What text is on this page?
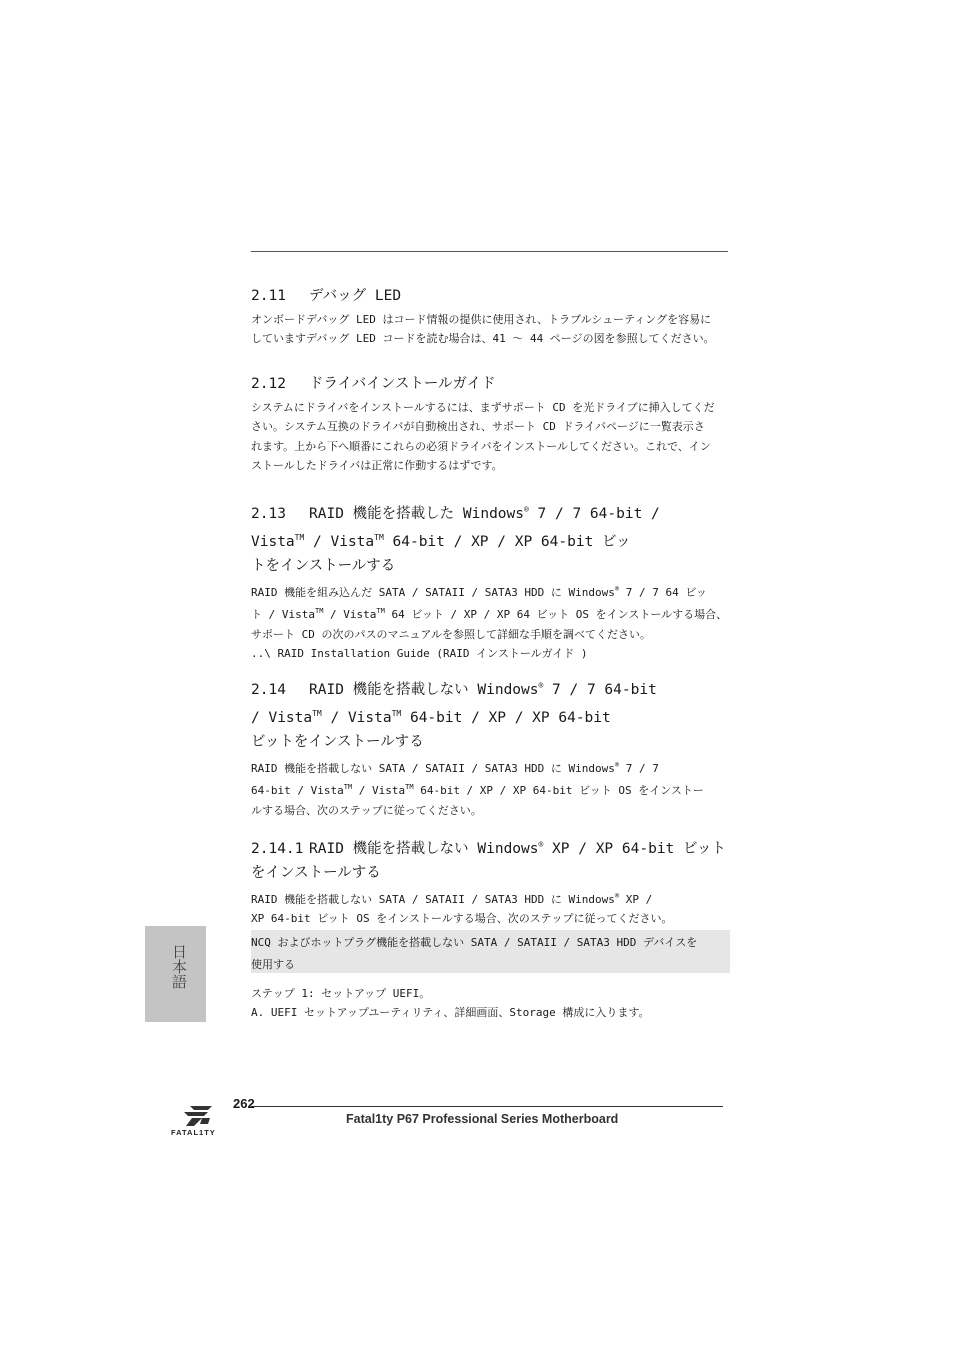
2.11 デバッグ LED

オンボードデバッグ LED はコード情報の提供に使用され、トラブルシューティングを容易に

していますデバッグ LED コードを読む場合は、41 ～ 44 ページの図を参照してください。

2.12 ドライバインストールガイド

システムにドライバをインストールするには、まずサポート CD を光ドライブに挿入してくだ

さい。システム互換のドライバが自動検出され、サポート CD ドライバページに一覧表示さ

れます。上から下へ順番にこれらの必須ドライバをインストールしてください。これで、イン

ストールしたドライバは正常に作動するはずです。

2.13 RAID 機能を搭載した Windows® 7 / 7 64-bit /
Vista™ / Vista™ 64-bit / XP / XP 64-bit ビッ
トをインストールする

RAID 機能を組み込んだ SATA / SATAII / SATA3 HDD に Windows® 7 / 7 64 ビッ

ト / Vista™ / Vista™ 64 ビット / XP / XP 64 ビット OS をインストールする場合、

サポート CD の次のパスのマニュアルを参照して詳細な手順を調べてください。

..\ RAID Installation Guide (RAID インストールガイド )

2.14 RAID 機能を搭載しない Windows® 7 / 7 64-bit
/ Vista™ / Vista™ 64-bit / XP / XP 64-bit
ビットをインストールする

RAID 機能を搭載しない SATA / SATAII / SATA3 HDD に Windows® 7 / 7

64-bit / Vista™ / Vista™ 64-bit / XP / XP 64-bit ビット OS をインストー

ルする場合、次のステップに従ってください。

2.14.1 RAID 機能を搭載しない Windows® XP / XP 64-bit ビット
をインストールする

RAID 機能を搭載しない SATA / SATAII / SATA3 HDD に Windows® XP /

XP 64-bit ビット OS をインストールする場合、次のステップに従ってください。

NCQ およびホットプラグ機能を搭載しない SATA / SATAII / SATA3 HDD デバイスを

使用する

ステップ 1: セットアップ UEFI。

A. UEFI セットアップユーティリティ、詳細画面、Storage 構成に入ります。

日本語
FATAL1TY
262
Fatal1ty P67 Professional Series Motherboard
